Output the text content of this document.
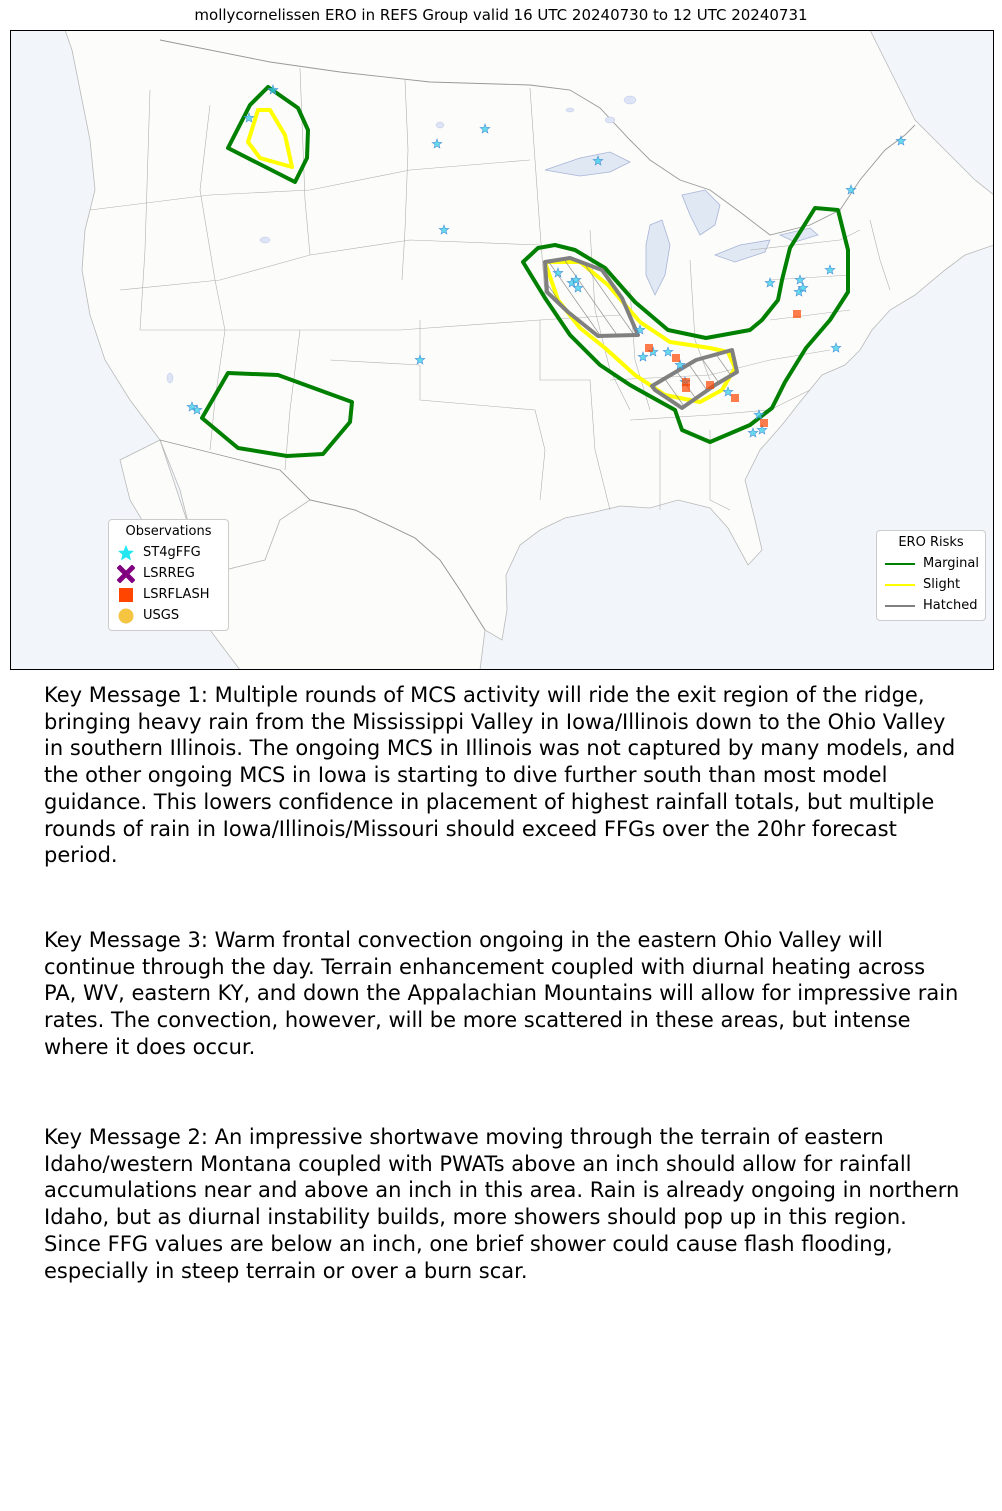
mollycornelissen ERO in REFS Group valid 16 UTC 20240730 to 12 UTC 20240731
Observations
ST4gFFG
LSRREG
LSRFLASH
USGS
ERO Risks
Marginal
Slight
Hatched
Key Message 1: Multiple rounds of MCS activity will ride the exit region of the ridge, bringing heavy rain from the Mississippi Valley in Iowa/Illinois down to the Ohio Valley in southern Illinois. The ongoing MCS in Illinois was not captured by many models, and the other ongoing MCS in Iowa is starting to dive further south than most model guidance. This lowers confidence in placement of highest rainfall totals, but multiple rounds of rain in Iowa/Illinois/Missouri should exceed FFGs over the 20hr forecast period.
Key Message 3: Warm frontal convection ongoing in the eastern Ohio Valley will continue through the day. Terrain enhancement coupled with diurnal heating across PA, WV, eastern KY, and down the Appalachian Mountains will allow for impressive rain rates. The convection, however, will be more scattered in these areas, but intense where it does occur.
Key Message 2: An impressive shortwave moving through the terrain of eastern Idaho/western Montana coupled with PWATs above an inch should allow for rainfall accumulations near and above an inch in this area. Rain is already ongoing in northern Idaho, but as diurnal instability builds, more showers should pop up in this region. Since FFG values are below an inch, one brief shower could cause flash flooding, especially in steep terrain or over a burn scar.
